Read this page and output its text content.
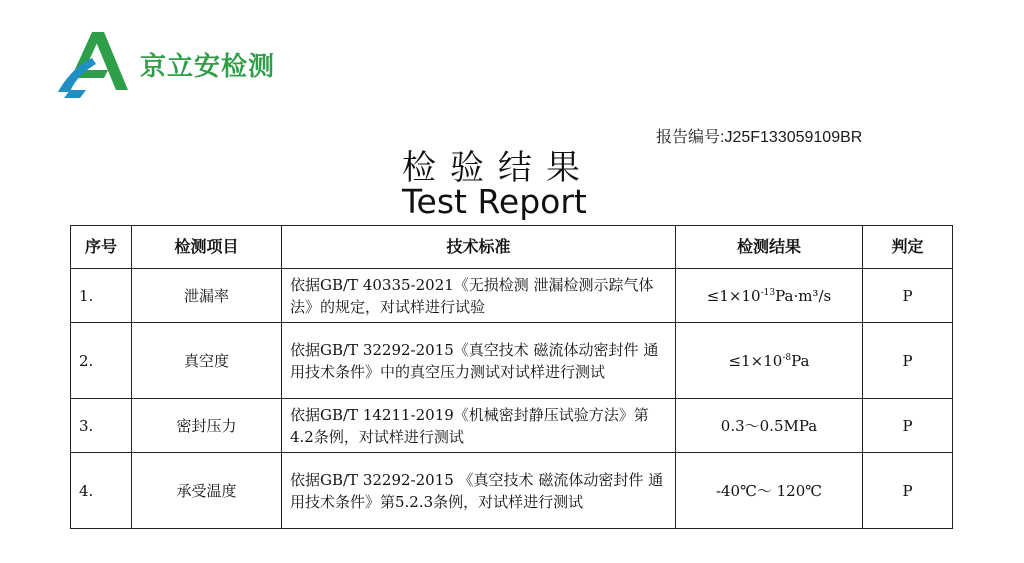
京立安检测
报告编号:J25F133059109BR
检验结果
Test Report
序号	检测项目	技术标准	检测结果	判定
1.	泄漏率	依据GB/T 40335-2021《无损检测 泄漏检测示踪气体法》的规定，对试样进行试验	$\le 1\times 10^{-13}Pa\cdot m^3/s$	P
2.	真空度	依据GB/T 32292-2015《真空技术 磁流体动密封件 通用技术条件》中的真空压力测试对试样进行测试	$\le 1\times 10^{-8}Pa$	P
3.	密封压力	依据GB/T 14211-2019《机械密封静压试验方法》第4.2条例，对试样进行测试	0.3～0.5MPa	P
4.	承受温度	依据GB/T 32292-2015 《真空技术 磁流体动密封件 通用技术条件》第5.2.3条例，对试样进行测试	-40℃～ 120℃	P
